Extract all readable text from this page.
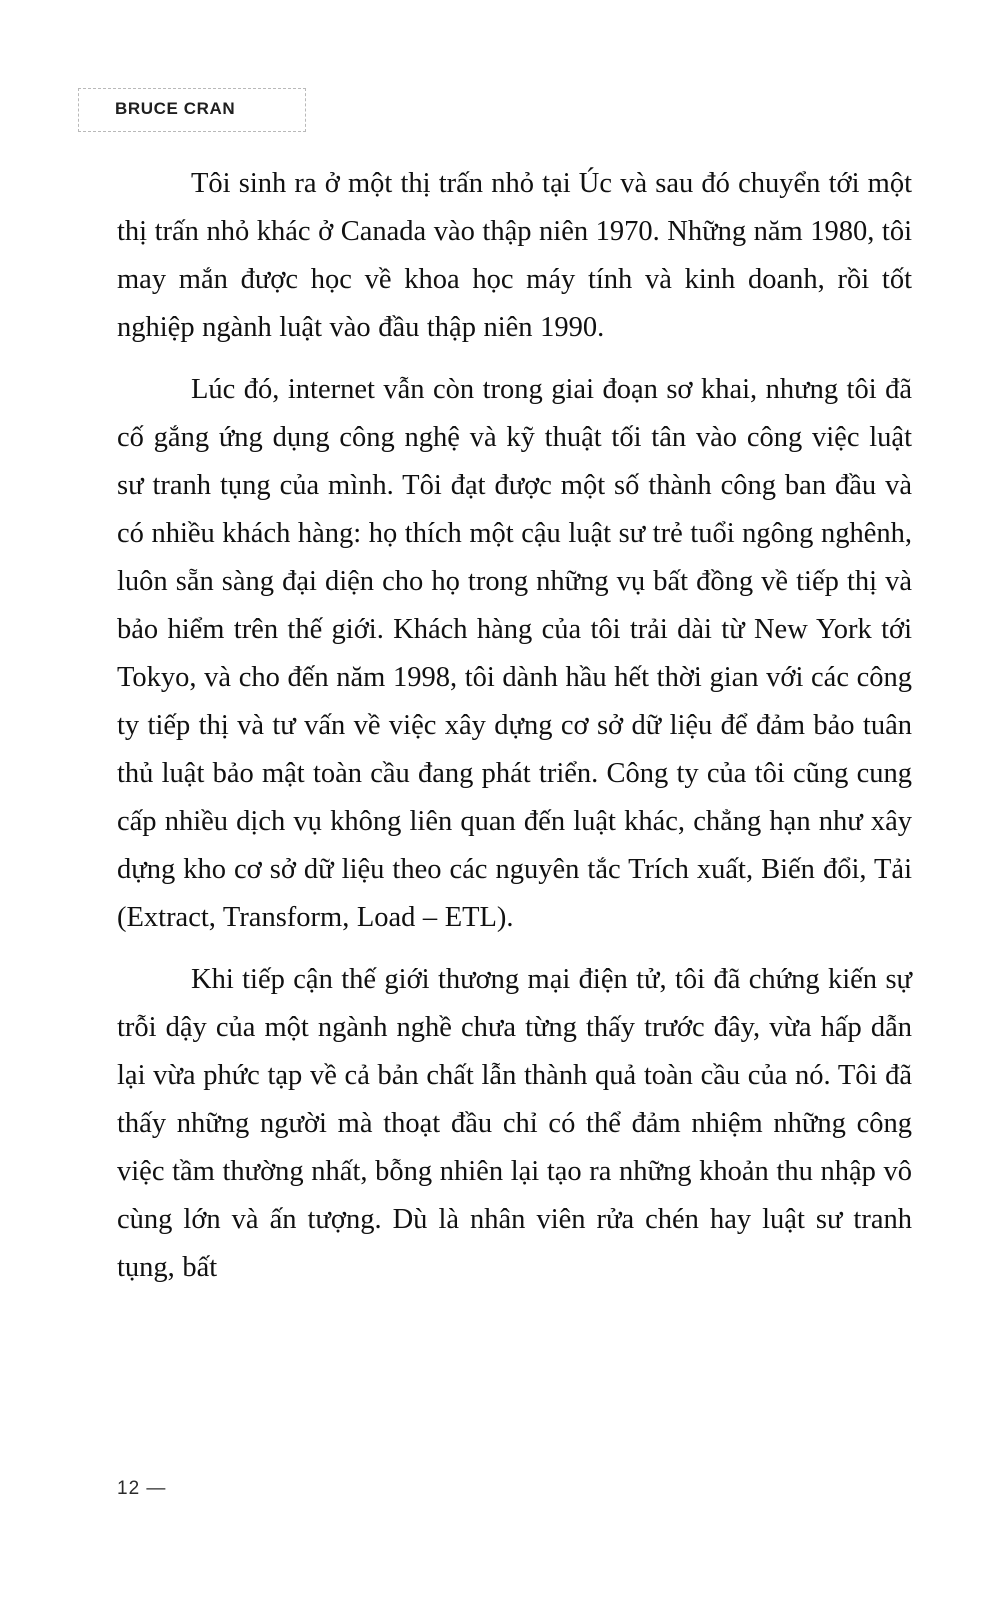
BRUCE CRAN

Tôi sinh ra ở một thị trấn nhỏ tại Úc và sau đó chuyển tới một thị trấn nhỏ khác ở Canada vào thập niên 1970. Những năm 1980, tôi may mắn được học về khoa học máy tính và kinh doanh, rồi tốt nghiệp ngành luật vào đầu thập niên 1990.

Lúc đó, internet vẫn còn trong giai đoạn sơ khai, nhưng tôi đã cố gắng ứng dụng công nghệ và kỹ thuật tối tân vào công việc luật sư tranh tụng của mình. Tôi đạt được một số thành công ban đầu và có nhiều khách hàng: họ thích một cậu luật sư trẻ tuổi ngông nghênh, luôn sẵn sàng đại diện cho họ trong những vụ bất đồng về tiếp thị và bảo hiểm trên thế giới. Khách hàng của tôi trải dài từ New York tới Tokyo, và cho đến năm 1998, tôi dành hầu hết thời gian với các công ty tiếp thị và tư vấn về việc xây dựng cơ sở dữ liệu để đảm bảo tuân thủ luật bảo mật toàn cầu đang phát triển. Công ty của tôi cũng cung cấp nhiều dịch vụ không liên quan đến luật khác, chẳng hạn như xây dựng kho cơ sở dữ liệu theo các nguyên tắc Trích xuất, Biến đổi, Tải (Extract, Transform, Load – ETL).

Khi tiếp cận thế giới thương mại điện tử, tôi đã chứng kiến sự trỗi dậy của một ngành nghề chưa từng thấy trước đây, vừa hấp dẫn lại vừa phức tạp về cả bản chất lẫn thành quả toàn cầu của nó. Tôi đã thấy những người mà thoạt đầu chỉ có thể đảm nhiệm những công việc tầm thường nhất, bỗng nhiên lại tạo ra những khoản thu nhập vô cùng lớn và ấn tượng. Dù là nhân viên rửa chén hay luật sư tranh tụng, bất

12 —
